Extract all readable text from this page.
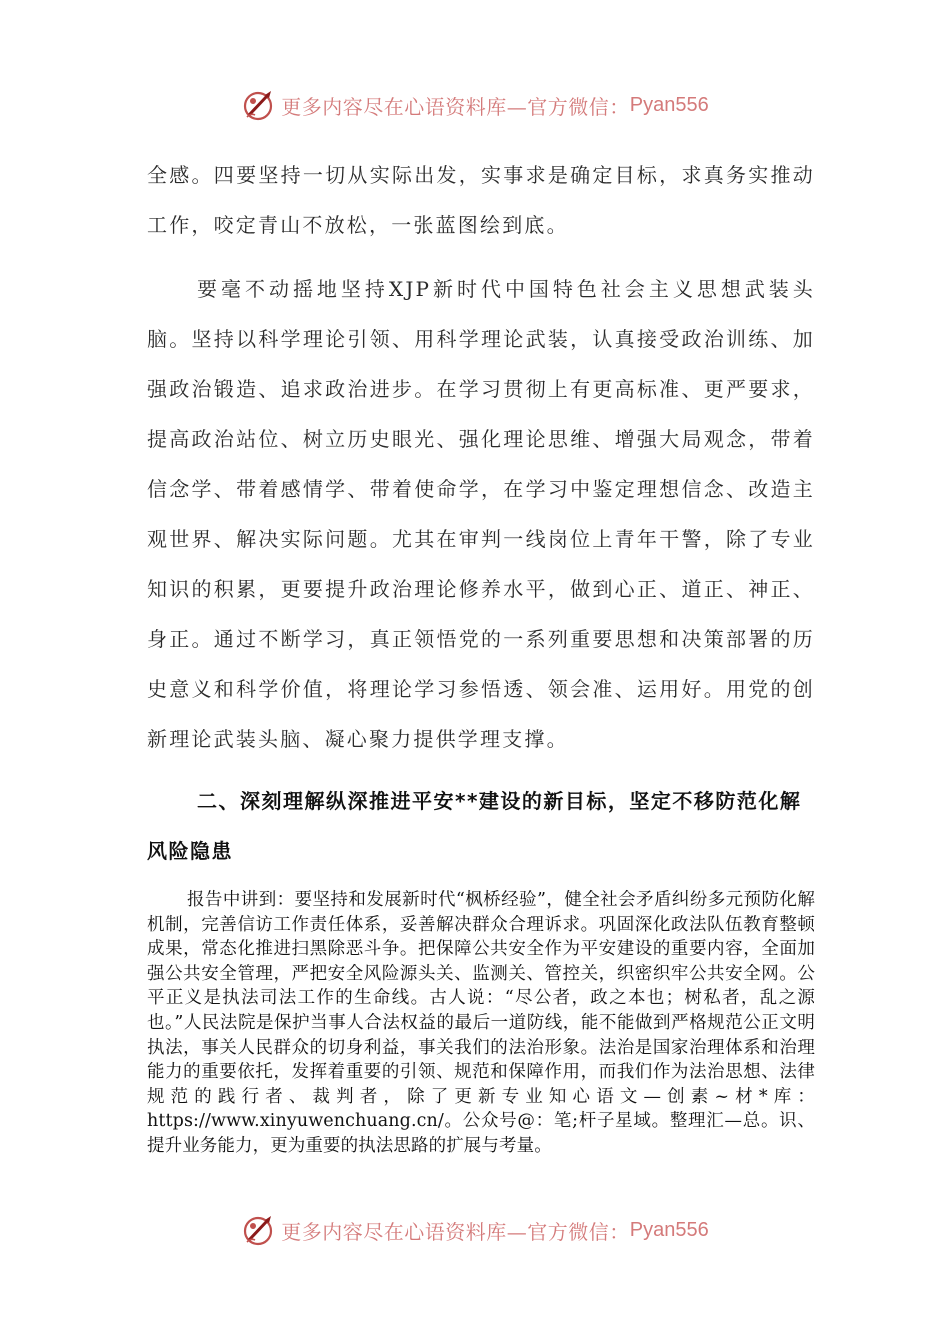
更多内容尽在心语资料库—官方微信： Pyan556

全感。四要坚持一切从实际出发，实事求是确定目标，求真务实推动工作，咬定青山不放松，一张蓝图绘到底。

要毫不动摇地坚持XJP新时代中国特色社会主义思想武装头脑。坚持以科学理论引领、用科学理论武装，认真接受政治训练、加强政治锻造、追求政治进步。在学习贯彻上有更高标准、更严要求，提高政治站位、树立历史眼光、强化理论思维、增强大局观念，带着信念学、带着感情学、带着使命学，在学习中鉴定理想信念、改造主观世界、解决实际问题。尤其在审判一线岗位上青年干警，除了专业知识的积累，更要提升政治理论修养水平，做到心正、道正、神正、身正。通过不断学习，真正领悟党的一系列重要思想和决策部署的历史意义和科学价值，将理论学习参悟透、领会准、运用好。用党的创新理论武装头脑、凝心聚力提供学理支撑。

二、深刻理解纵深推进平安**建设的新目标，坚定不移防范化解风险隐患

报告中讲到：要坚持和发展新时代“枫桥经验”，健全社会矛盾纠纷多元预防化解机制，完善信访工作责任体系，妥善解决群众合理诉求。巩固深化政法队伍教育整顿成果，常态化推进扫黑除恶斗争。把保障公共安全作为平安建设的重要内容，全面加强公共安全管理，严把安全风险源头关、监测关、管控关，织密织牢公共安全网。公平正义是执法司法工作的生命线。古人说：“尽公者，政之本也；树私者，乱之源也。”人民法院是保护当事人合法权益的最后一道防线，能不能做到严格规范公正文明执法，事关人民群众的切身利益，事关我们的法治形象。法治是国家治理体系和治理能力的重要依托，发挥着重要的引领、规范和保障作用，而我们作为法治思想、法律规范的践行者、裁判者，除了更新专业知心语文—创素~材*库：https://www.xinyuwenchuang.cn/。公众号@：笔;杆子星域。整理汇—总。识、提升业务能力，更为重要的执法思路的扩展与考量。

更多内容尽在心语资料库—官方微信： Pyan556
